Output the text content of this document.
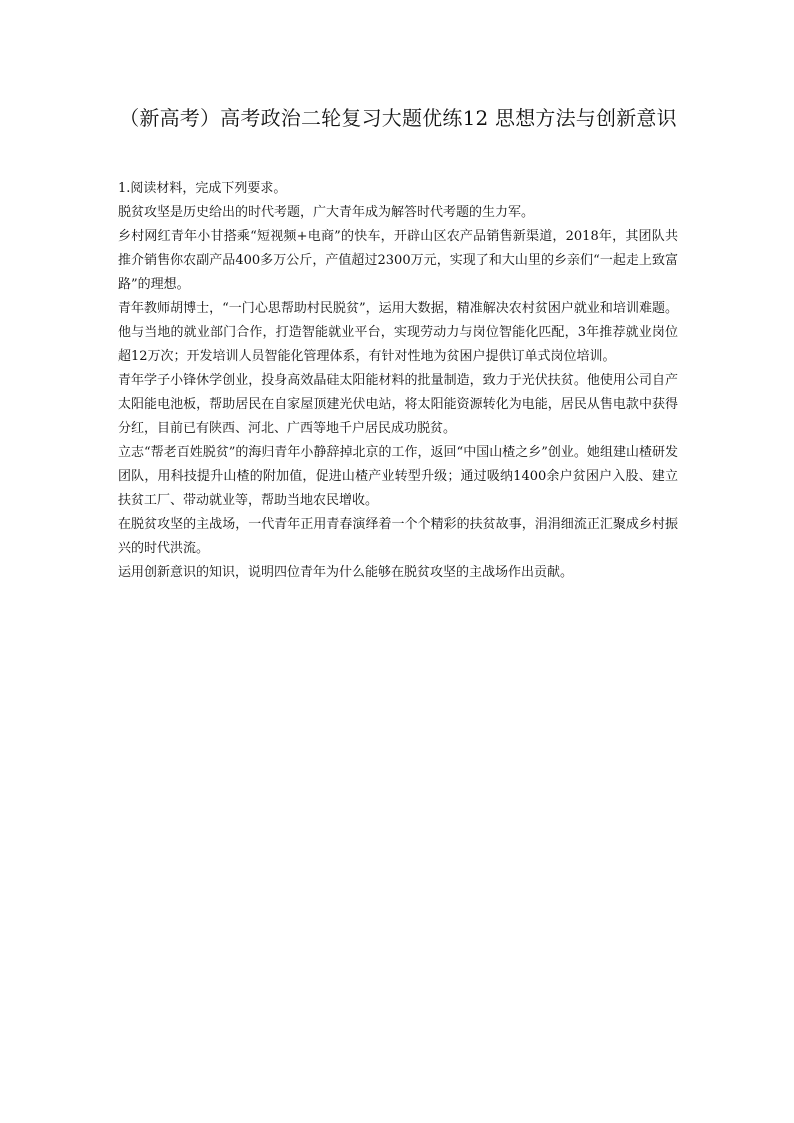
（新高考）高考政治二轮复习大题优练12 思想方法与创新意识

1.阅读材料，完成下列要求。

脱贫攻坚是历史给出的时代考题，广大青年成为解答时代考题的生力军。

乡村网红青年小甘搭乘“短视频+电商”的快车，开辟山区农产品销售新渠道，2018年，其团队共推介销售你农副产品400多万公斤，产值超过2300万元，实现了和大山里的乡亲们“一起走上致富路”的理想。

青年教师胡博士，“一门心思帮助村民脱贫”，运用大数据，精准解决农村贫困户就业和培训难题。他与当地的就业部门合作，打造智能就业平台，实现劳动力与岗位智能化匹配，3年推荐就业岗位超12万次；开发培训人员智能化管理体系，有针对性地为贫困户提供订单式岗位培训。

青年学子小锋休学创业，投身高效晶硅太阳能材料的批量制造，致力于光伏扶贫。他使用公司自产太阳能电池板，帮助居民在自家屋顶建光伏电站，将太阳能资源转化为电能，居民从售电款中获得分红，目前已有陕西、河北、广西等地千户居民成功脱贫。

立志“帮老百姓脱贫”的海归青年小静辞掉北京的工作，返回“中国山楂之乡”创业。她组建山楂研发团队，用科技提升山楂的附加值，促进山楂产业转型升级；通过吸纳1400余户贫困户入股、建立扶贫工厂、带动就业等，帮助当地农民增收。

在脱贫攻坚的主战场，一代青年正用青春演绎着一个个精彩的扶贫故事，涓涓细流正汇聚成乡村振兴的时代洪流。

运用创新意识的知识，说明四位青年为什么能够在脱贫攻坚的主战场作出贡献。
